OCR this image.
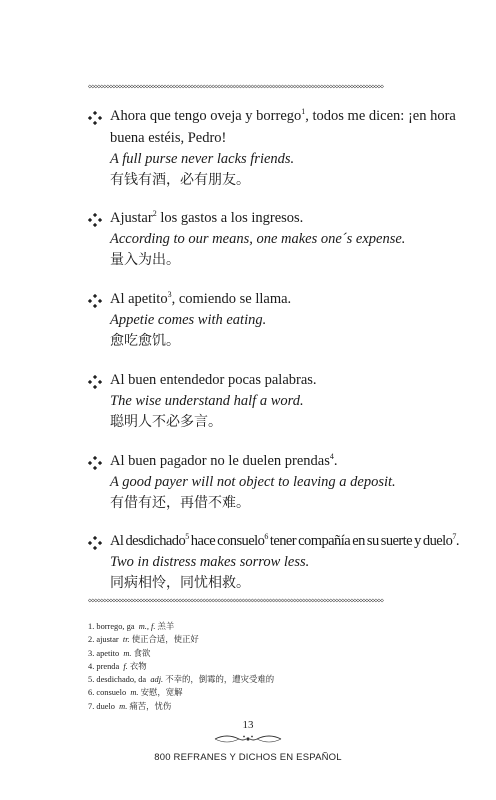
◇◇◇◇◇◇◇◇◇◇◇◇◇◇◇◇◇◇◇◇◇◇◇◇◇◇◇◇◇◇◇◇◇◇◇◇◇◇◇◇◇◇◇◇◇◇◇◇◇◇◇◇◇◇◇◇◇◇◇◇◇◇◇◇◇◇◇◇◇◇◇◇◇◇◇◇◇◇◇◇◇◇◇◇◇◇◇◇◇◇◇◇◇◇◇◇◇◇
Ahora que tengo oveja y borrego$^1$, todos me dicen: ¡en hora
buena estéis, Pedro!
A full purse never lacks friends.
有钱有酒，必有朋友。
Ajustar$^2$ los gastos a los ingresos.
According to our means, one makes one´s expense.
量入为出。
Al apetito$^3$, comiendo se llama.
Appetie comes with eating.
愈吃愈饥。
Al buen entendedor pocas palabras.
The wise understand half a word.
聪明人不必多言。
Al buen pagador no le duelen prendas$^4$.
A good payer will not object to leaving a deposit.
有借有还，再借不难。
Al desdichado$^5$ hace consuelo$^6$ tener compañía en su suerte y duelo$^7$.
Two in distress makes sorrow less.
同病相怜，同忧相救。
◇◇◇◇◇◇◇◇◇◇◇◇◇◇◇◇◇◇◇◇◇◇◇◇◇◇◇◇◇◇◇◇◇◇◇◇◇◇◇◇◇◇◇◇◇◇◇◇◇◇◇◇◇◇◇◇◇◇◇◇◇◇◇◇◇◇◇◇◇◇◇◇◇◇◇◇◇◇◇◇◇◇◇◇◇◇◇◇◇◇◇◇◇◇◇◇◇◇
1. borrego, ga m., f. 羔羊
2. ajustar tr. 使正合适，使正好
3. apetito m. 食欲
4. prenda f. 衣物
5. desdichado, da adj. 不幸的，倒霉的，遭灾受难的
6. consuelo m. 安慰，宽解
7. duelo m. 痛苦，忧伤
13
800 REFRANES Y DICHOS EN ESPAÑOL
